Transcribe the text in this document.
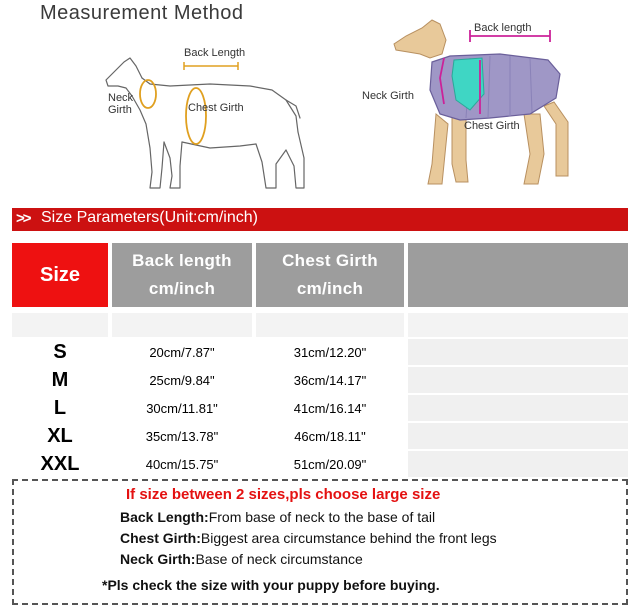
Measurement Method
Back Length
Neck
Girth	Chest Girth
Back length
Neck Girth
Chest Girth
>> Size Parameters(Unit:cm/inch)
Size
Back length
cm/inch
Chest Girth
cm/inch
S	20cm/7.87"	31cm/12.20"
M	25cm/9.84"	36cm/14.17"
L	30cm/11.81"	41cm/16.14"
XL	35cm/13.78"	46cm/18.11"
XXL	40cm/15.75"	51cm/20.09"
If size between 2 sizes,pls choose large size
Back Length:From base of neck to the base of tail
Chest Girth:Biggest area circumstance behind the front legs
Neck Girth:Base of neck circumstance
*Pls check the size with your puppy before buying.
